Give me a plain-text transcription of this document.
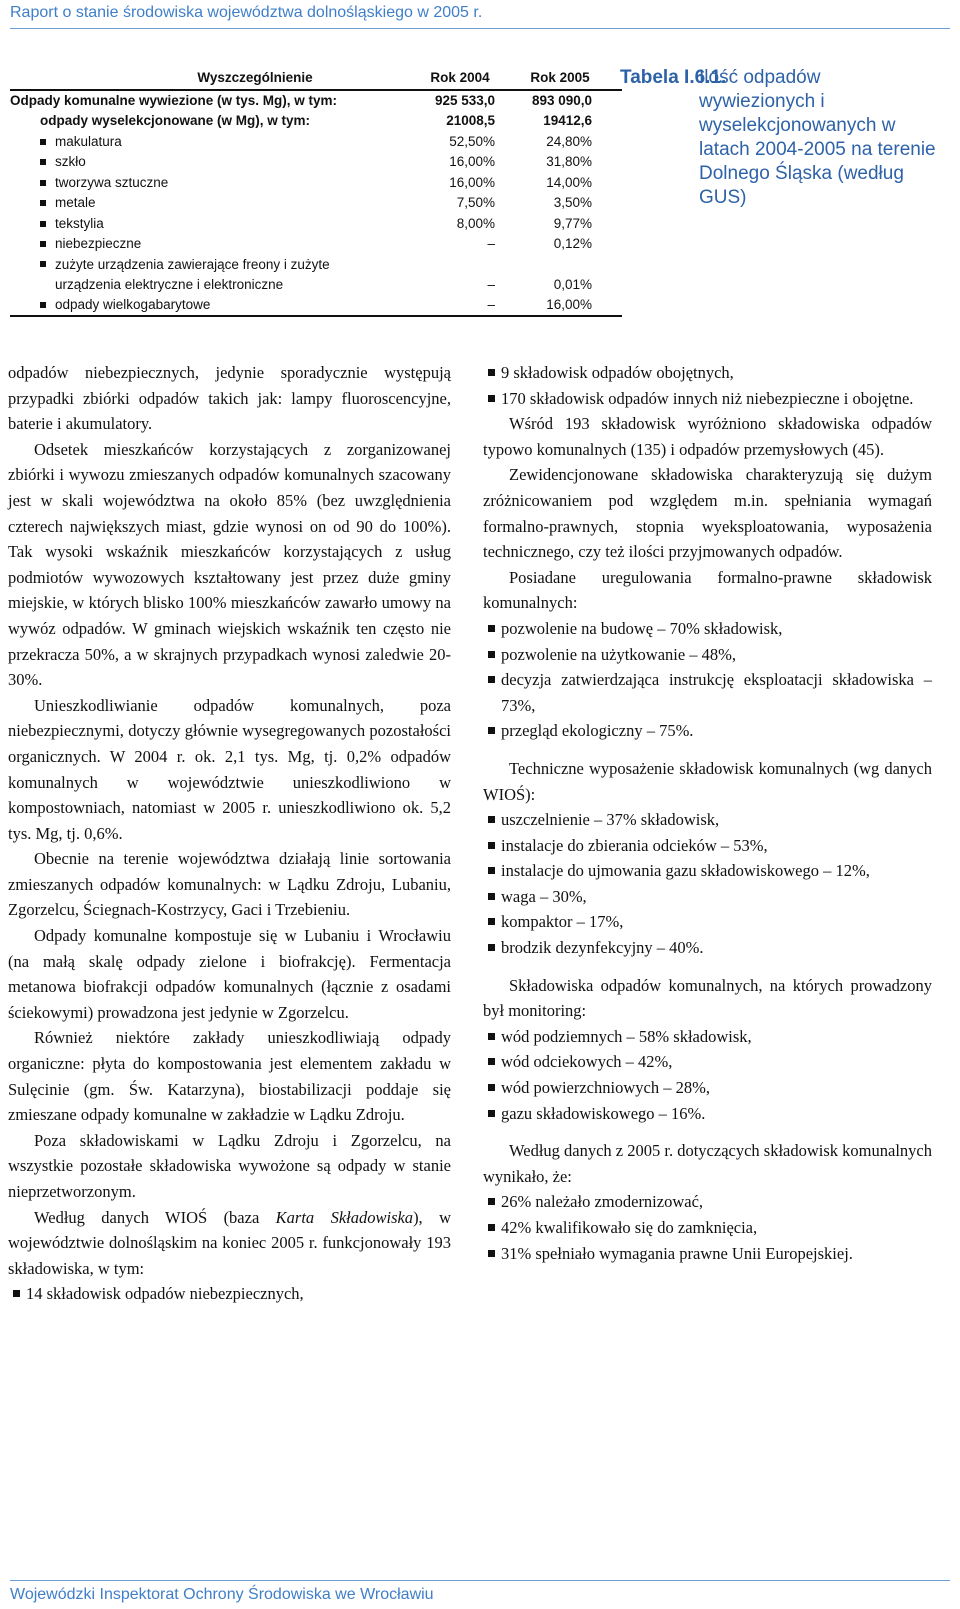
Raport o stanie środowiska województwa dolnośląskiego w 2005 r.
Wyszczególnienie	Rok 2004	Rok 2005
Odpady komunalne wywiezione (w tys. Mg), w tym:	925 533,0	893 090,0
odpady wyselekcjonowane (w Mg), w tym:	21008,5	19412,6
makulatura	52,50%	24,80%
szkło	16,00%	31,80%
tworzywa sztuczne	16,00%	14,00%
metale	7,50%	3,50%
tekstylia	8,00%	9,77%
niebezpieczne	–	0,12%
zużyte urządzenia zawierające freony i zużyte urządzenia elektryczne i elektroniczne	–	0,01%
odpady wielkogabarytowe	–	16,00%
Tabela I.6.1.
Ilość odpadów wywiezionych i wyselekcjonowanych w latach 2004-2005 na terenie Dolnego Śląska (według GUS)

odpadów niebezpiecznych, jedynie sporadycznie występują przypadki zbiórki odpadów takich jak: lampy fluoroscencyjne, baterie i akumulatory.

Odsetek mieszkańców korzystających z zorganizowanej zbiórki i wywozu zmieszanych odpadów komunalnych szacowany jest w skali województwa na około 85% (bez uwzględnienia czterech największych miast, gdzie wynosi on od 90 do 100%). Tak wysoki wskaźnik mieszkańców korzystających z usług podmiotów wywozowych kształtowany jest przez duże gminy miejskie, w których blisko 100% mieszkańców zawarło umowy na wywóz odpadów. W gminach wiejskich wskaźnik ten często nie przekracza 50%, a w skrajnych przypadkach wynosi zaledwie 20-30%.

Unieszkodliwianie odpadów komunalnych, poza niebezpiecznymi, dotyczy głównie wysegregowanych pozostałości organicznych. W 2004 r. ok. 2,1 tys. Mg, tj. 0,2% odpadów komunalnych w województwie unieszkodliwiono w kompostowniach, natomiast w 2005 r. unieszkodliwiono ok. 5,2 tys. Mg, tj. 0,6%.

Obecnie na terenie województwa działają linie sortowania zmieszanych odpadów komunalnych: w Lądku Zdroju, Lubaniu, Zgorzelcu, Ściegnach-Kostrzycy, Gaci i Trzebieniu.

Odpady komunalne kompostuje się w Lubaniu i Wrocławiu (na małą skalę odpady zielone i biofrakcję). Fermentacja metanowa biofrakcji odpadów komunalnych (łącznie z osadami ściekowymi) prowadzona jest jedynie w Zgorzelcu.

Również niektóre zakłady unieszkodliwiają odpady organiczne: płyta do kompostowania jest elementem zakładu w Sulęcinie (gm. Św. Katarzyna), biostabilizacji poddaje się zmieszane odpady komunalne w zakładzie w Lądku Zdroju.

Poza składowiskami w Lądku Zdroju i Zgorzelcu, na wszystkie pozostałe składowiska wywożone są odpady w stanie nieprzetworzonym.

Według danych WIOŚ (baza Karta Składowiska), w województwie dolnośląskim na koniec 2005 r. funkcjonowały 193 składowiska, w tym:

14 składowisk odpadów niebezpiecznych,
9 składowisk odpadów obojętnych,
170 składowisk odpadów innych niż niebezpieczne i obojętne.

Wśród 193 składowisk wyróżniono składowiska odpadów typowo komunalnych (135) i odpadów przemysłowych (45).

Zewidencjonowane składowiska charakteryzują się dużym zróżnicowaniem pod względem m.in. spełniania wymagań formalno-prawnych, stopnia wyeksploatowania, wyposażenia technicznego, czy też ilości przyjmowanych odpadów.

Posiadane uregulowania formalno-prawne składowisk komunalnych:

pozwolenie na budowę – 70% składowisk,
pozwolenie na użytkowanie – 48%,
decyzja zatwierdzająca instrukcję eksploatacji składowiska – 73%,
przegląd ekologiczny – 75%.

Techniczne wyposażenie składowisk komunalnych (wg danych WIOŚ):

uszczelnienie – 37% składowisk,
instalacje do zbierania odcieków – 53%,
instalacje do ujmowania gazu składowiskowego – 12%,
waga – 30%,
kompaktor – 17%,
brodzik dezynfekcyjny – 40%.

Składowiska odpadów komunalnych, na których prowadzony był monitoring:

wód podziemnych – 58% składowisk,
wód odciekowych – 42%,
wód powierzchniowych – 28%,
gazu składowiskowego – 16%.

Według danych z 2005 r. dotyczących składowisk komunalnych wynikało, że:

26% należało zmodernizować,
42% kwalifikowało się do zamknięcia,
31% spełniało wymagania prawne Unii Europejskiej.
Wojewódzki Inspektorat Ochrony Środowiska we Wrocławiu
